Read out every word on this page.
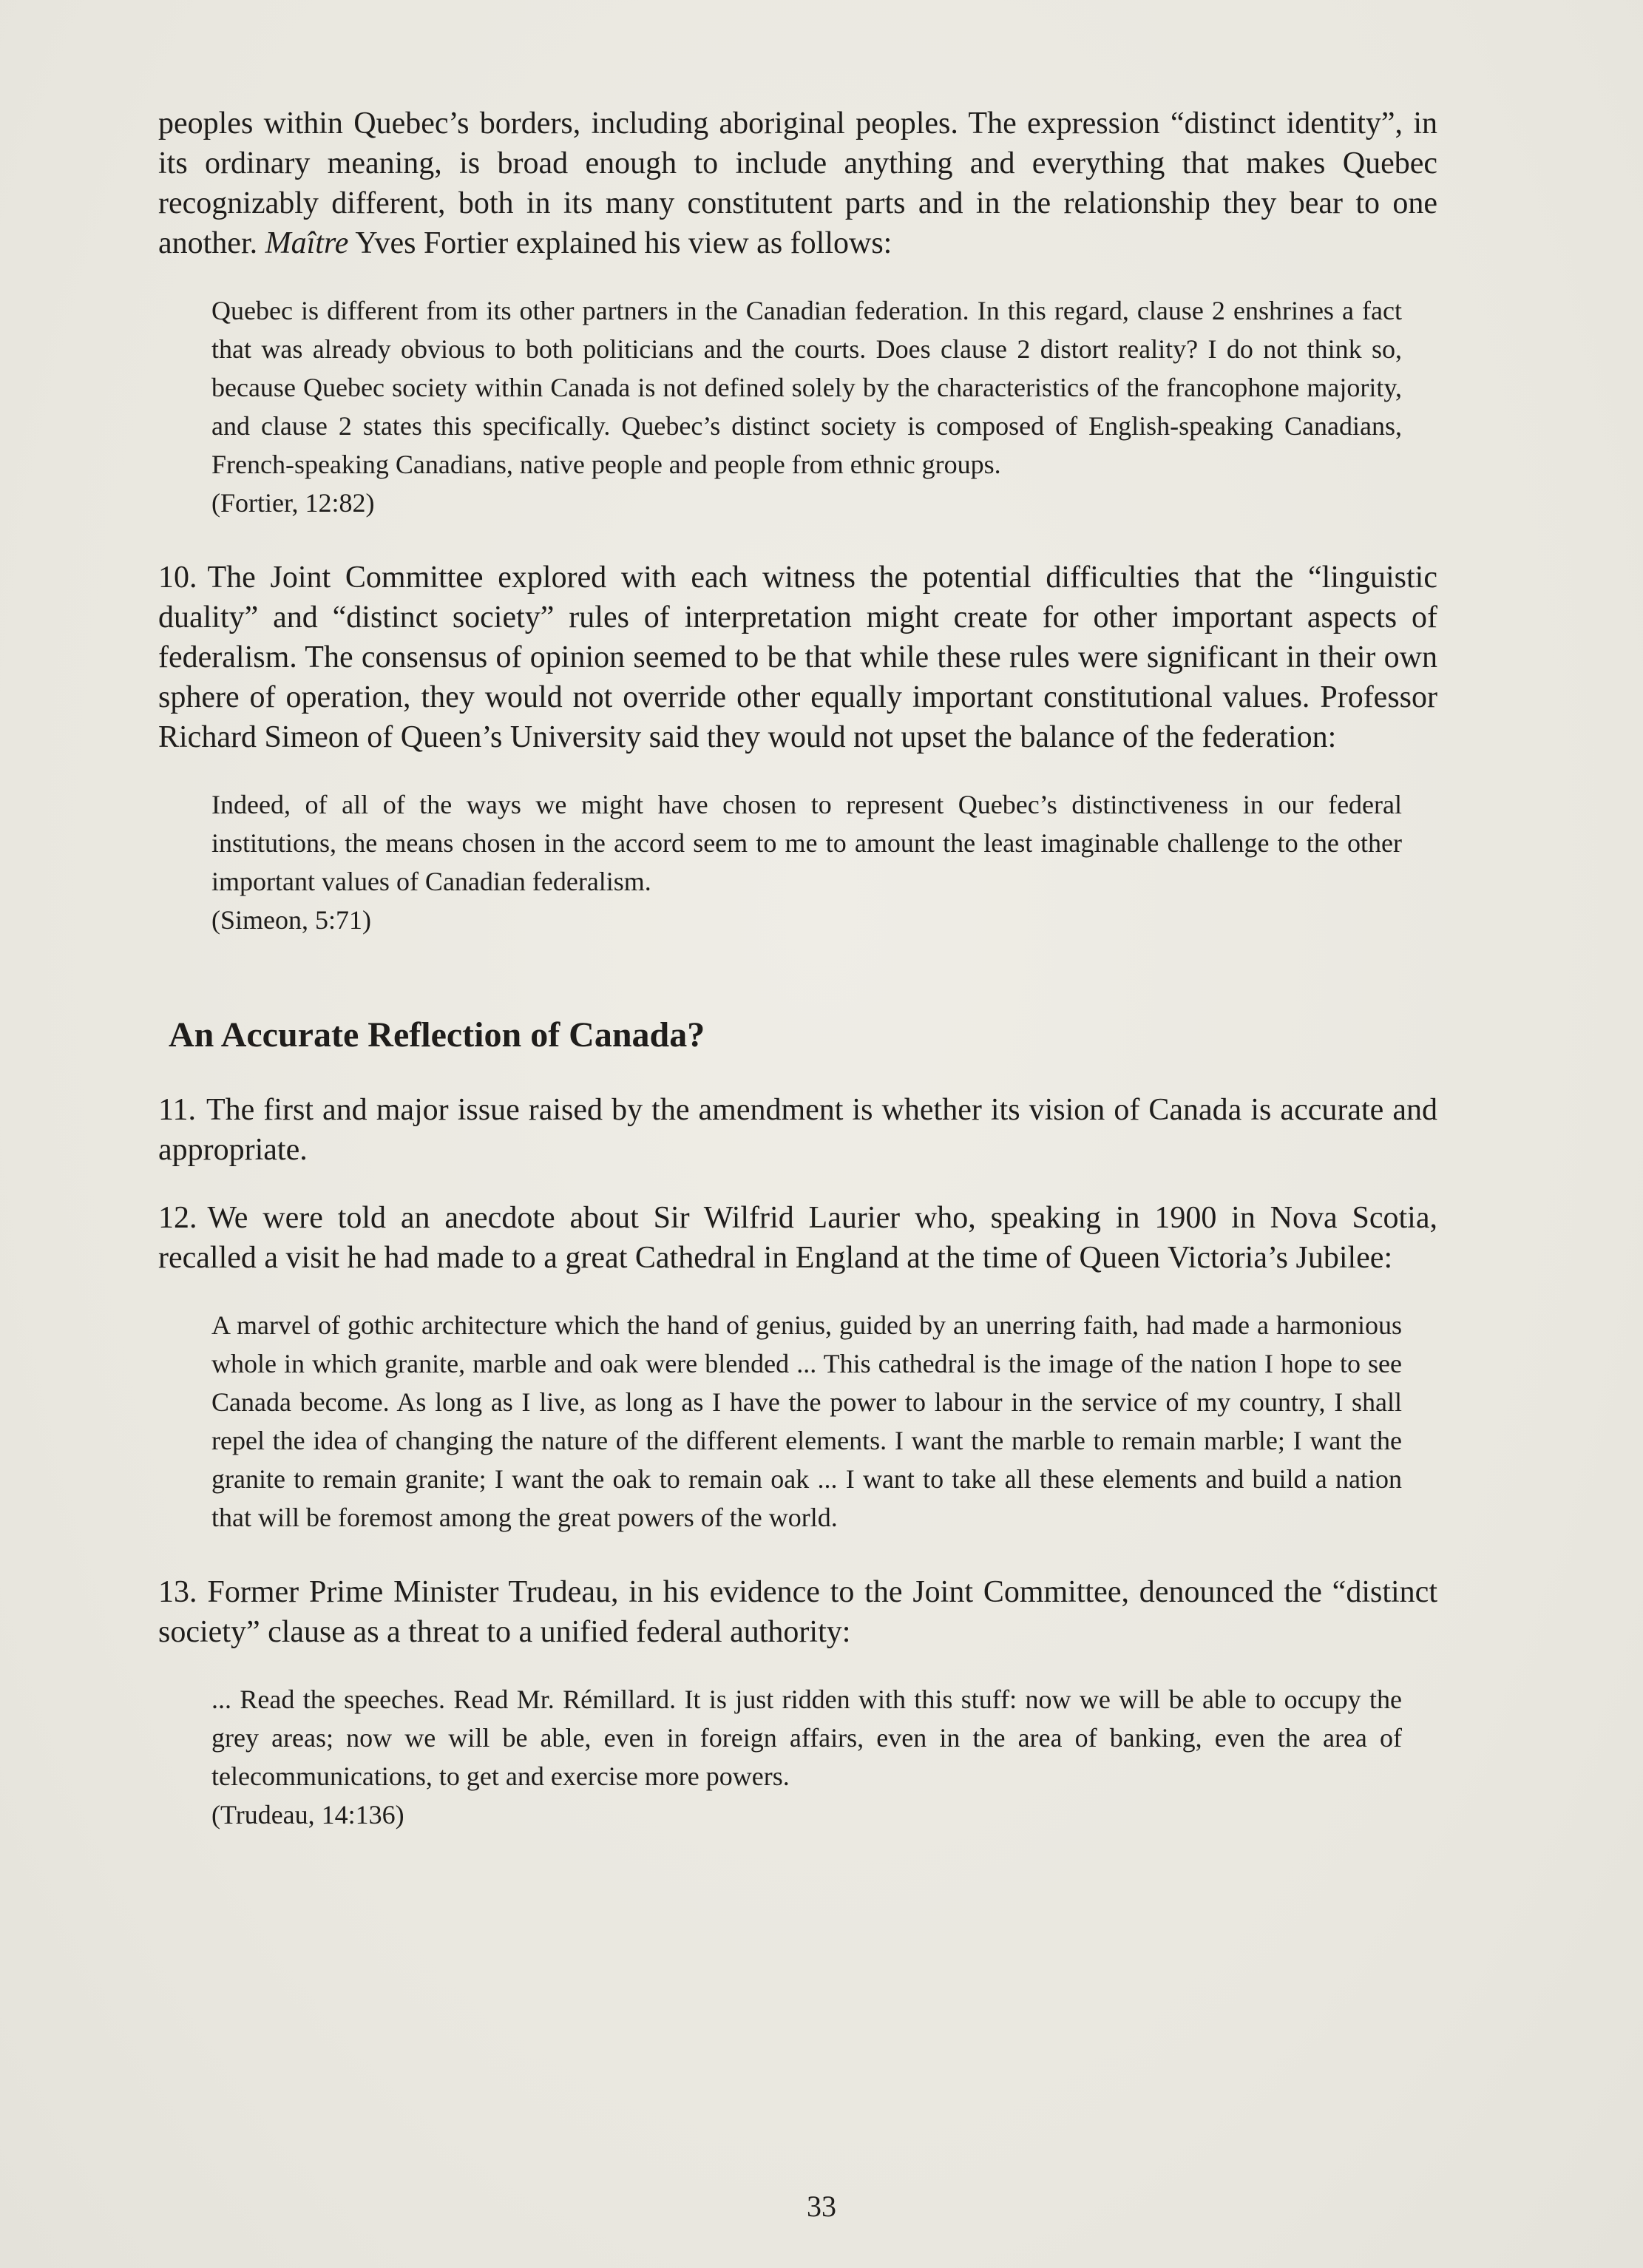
peoples within Quebec’s borders, including aboriginal peoples. The expression “distinct identity”, in its ordinary meaning, is broad enough to include anything and everything that makes Quebec recognizably different, both in its many constitutent parts and in the relationship they bear to one another. Maître Yves Fortier explained his view as follows:

Quebec is different from its other partners in the Canadian federation. In this regard, clause 2 enshrines a fact that was already obvious to both politicians and the courts. Does clause 2 distort reality? I do not think so, because Quebec society within Canada is not defined solely by the characteristics of the francophone majority, and clause 2 states this specifically. Quebec’s distinct society is composed of English-speaking Canadians, French-speaking Canadians, native people and people from ethnic groups.
(Fortier, 12:82)

10. The Joint Committee explored with each witness the potential difficulties that the “linguistic duality” and “distinct society” rules of interpretation might create for other important aspects of federalism. The consensus of opinion seemed to be that while these rules were significant in their own sphere of operation, they would not override other equally important constitutional values. Professor Richard Simeon of Queen’s University said they would not upset the balance of the federation:

Indeed, of all of the ways we might have chosen to represent Quebec’s distinctiveness in our federal institutions, the means chosen in the accord seem to me to amount the least imaginable challenge to the other important values of Canadian federalism.
(Simeon, 5:71)
An Accurate Reflection of Canada?

11. The first and major issue raised by the amendment is whether its vision of Canada is accurate and appropriate.

12. We were told an anecdote about Sir Wilfrid Laurier who, speaking in 1900 in Nova Scotia, recalled a visit he had made to a great Cathedral in England at the time of Queen Victoria’s Jubilee:

A marvel of gothic architecture which the hand of genius, guided by an unerring faith, had made a harmonious whole in which granite, marble and oak were blended ... This cathedral is the image of the nation I hope to see Canada become. As long as I live, as long as I have the power to labour in the service of my country, I shall repel the idea of changing the nature of the different elements. I want the marble to remain marble; I want the granite to remain granite; I want the oak to remain oak ... I want to take all these elements and build a nation that will be foremost among the great powers of the world.

13. Former Prime Minister Trudeau, in his evidence to the Joint Committee, denounced the “distinct society” clause as a threat to a unified federal authority:

... Read the speeches. Read Mr. Rémillard. It is just ridden with this stuff: now we will be able to occupy the grey areas; now we will be able, even in foreign affairs, even in the area of banking, even the area of telecommunications, to get and exercise more powers.
(Trudeau, 14:136)
33
